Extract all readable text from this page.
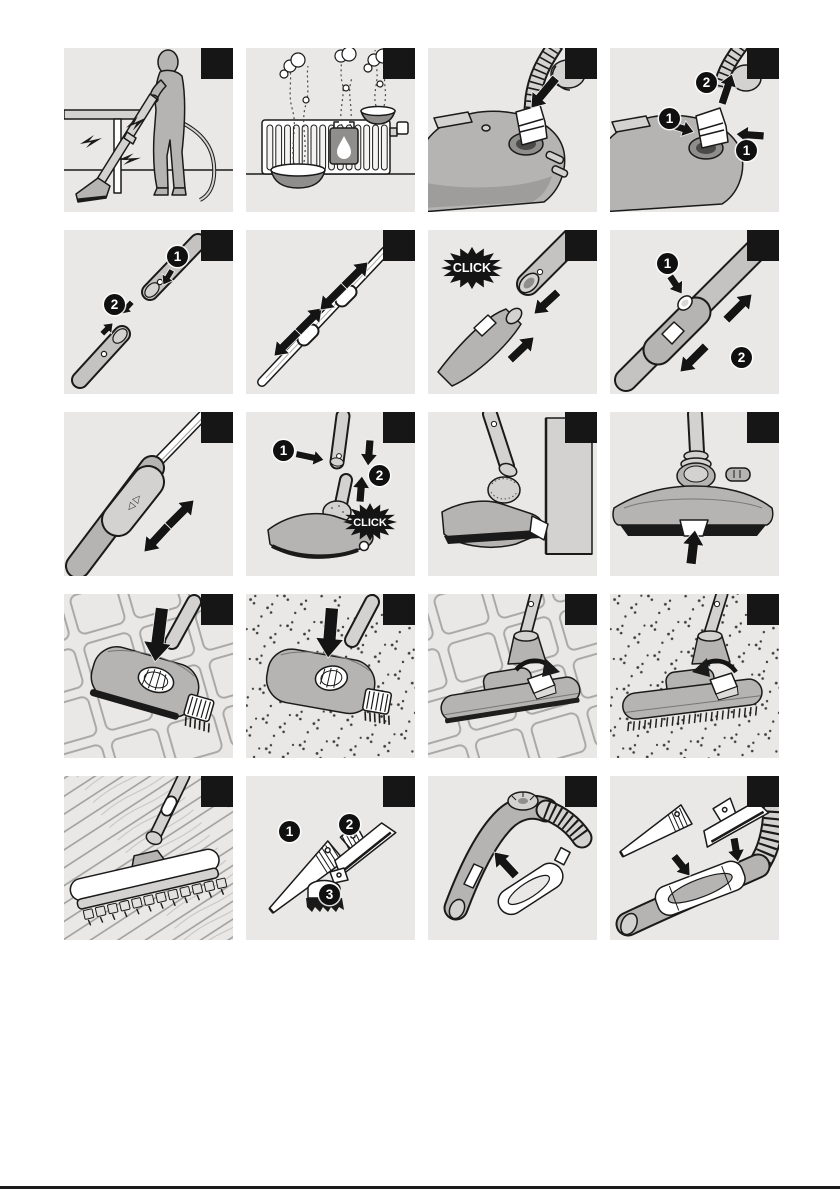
1
2
1
1
2
CLICK	1
2
◁ ▷
CLICK
1
2
1	2
3
